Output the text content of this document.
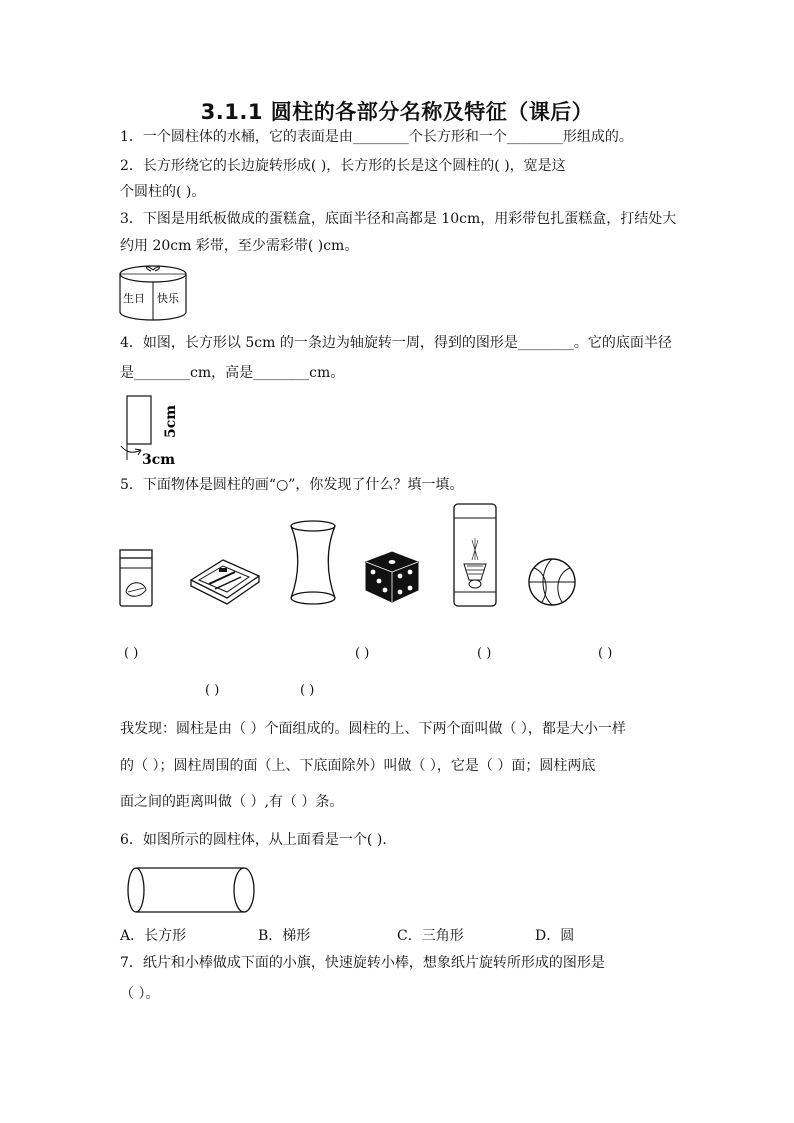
3.1.1 圆柱的各部分名称及特征（课后）
1．一个圆柱体的水桶，它的表面是由________个长方形和一个________形组成的。
2．长方形绕它的长边旋转形成( )，长方形的长是这个圆柱的( )，宽是这
个圆柱的( )。
3．下图是用纸板做成的蛋糕盒，底面半径和高都是 10cm，用彩带包扎蛋糕盒，打结处大
约用 20cm 彩带，至少需彩带( )cm。
生日 快乐
4．如图，长方形以 5cm 的一条边为轴旋转一周，得到的图形是________。它的底面半径
是________cm，高是________cm。
5cm
3cm
5．下面物体是圆柱的画“○”，你发现了什么？填一填。
( )	( )	( )	( )
( )	( )
我发现：圆柱是由（ ）个面组成的。圆柱的上、下两个面叫做（ ），都是大小一样
的（ ）；圆柱周围的面（上、下底面除外）叫做（ ），它是（ ）面；圆柱两底
面之间的距离叫做（ ）,有（ ）条。
6．如图所示的圆柱体，从上面看是一个( ).
A．长方形	B．梯形	C．三角形	D．圆
7．纸片和小棒做成下面的小旗，快速旋转小棒，想象纸片旋转所形成的图形是
（ ）。
